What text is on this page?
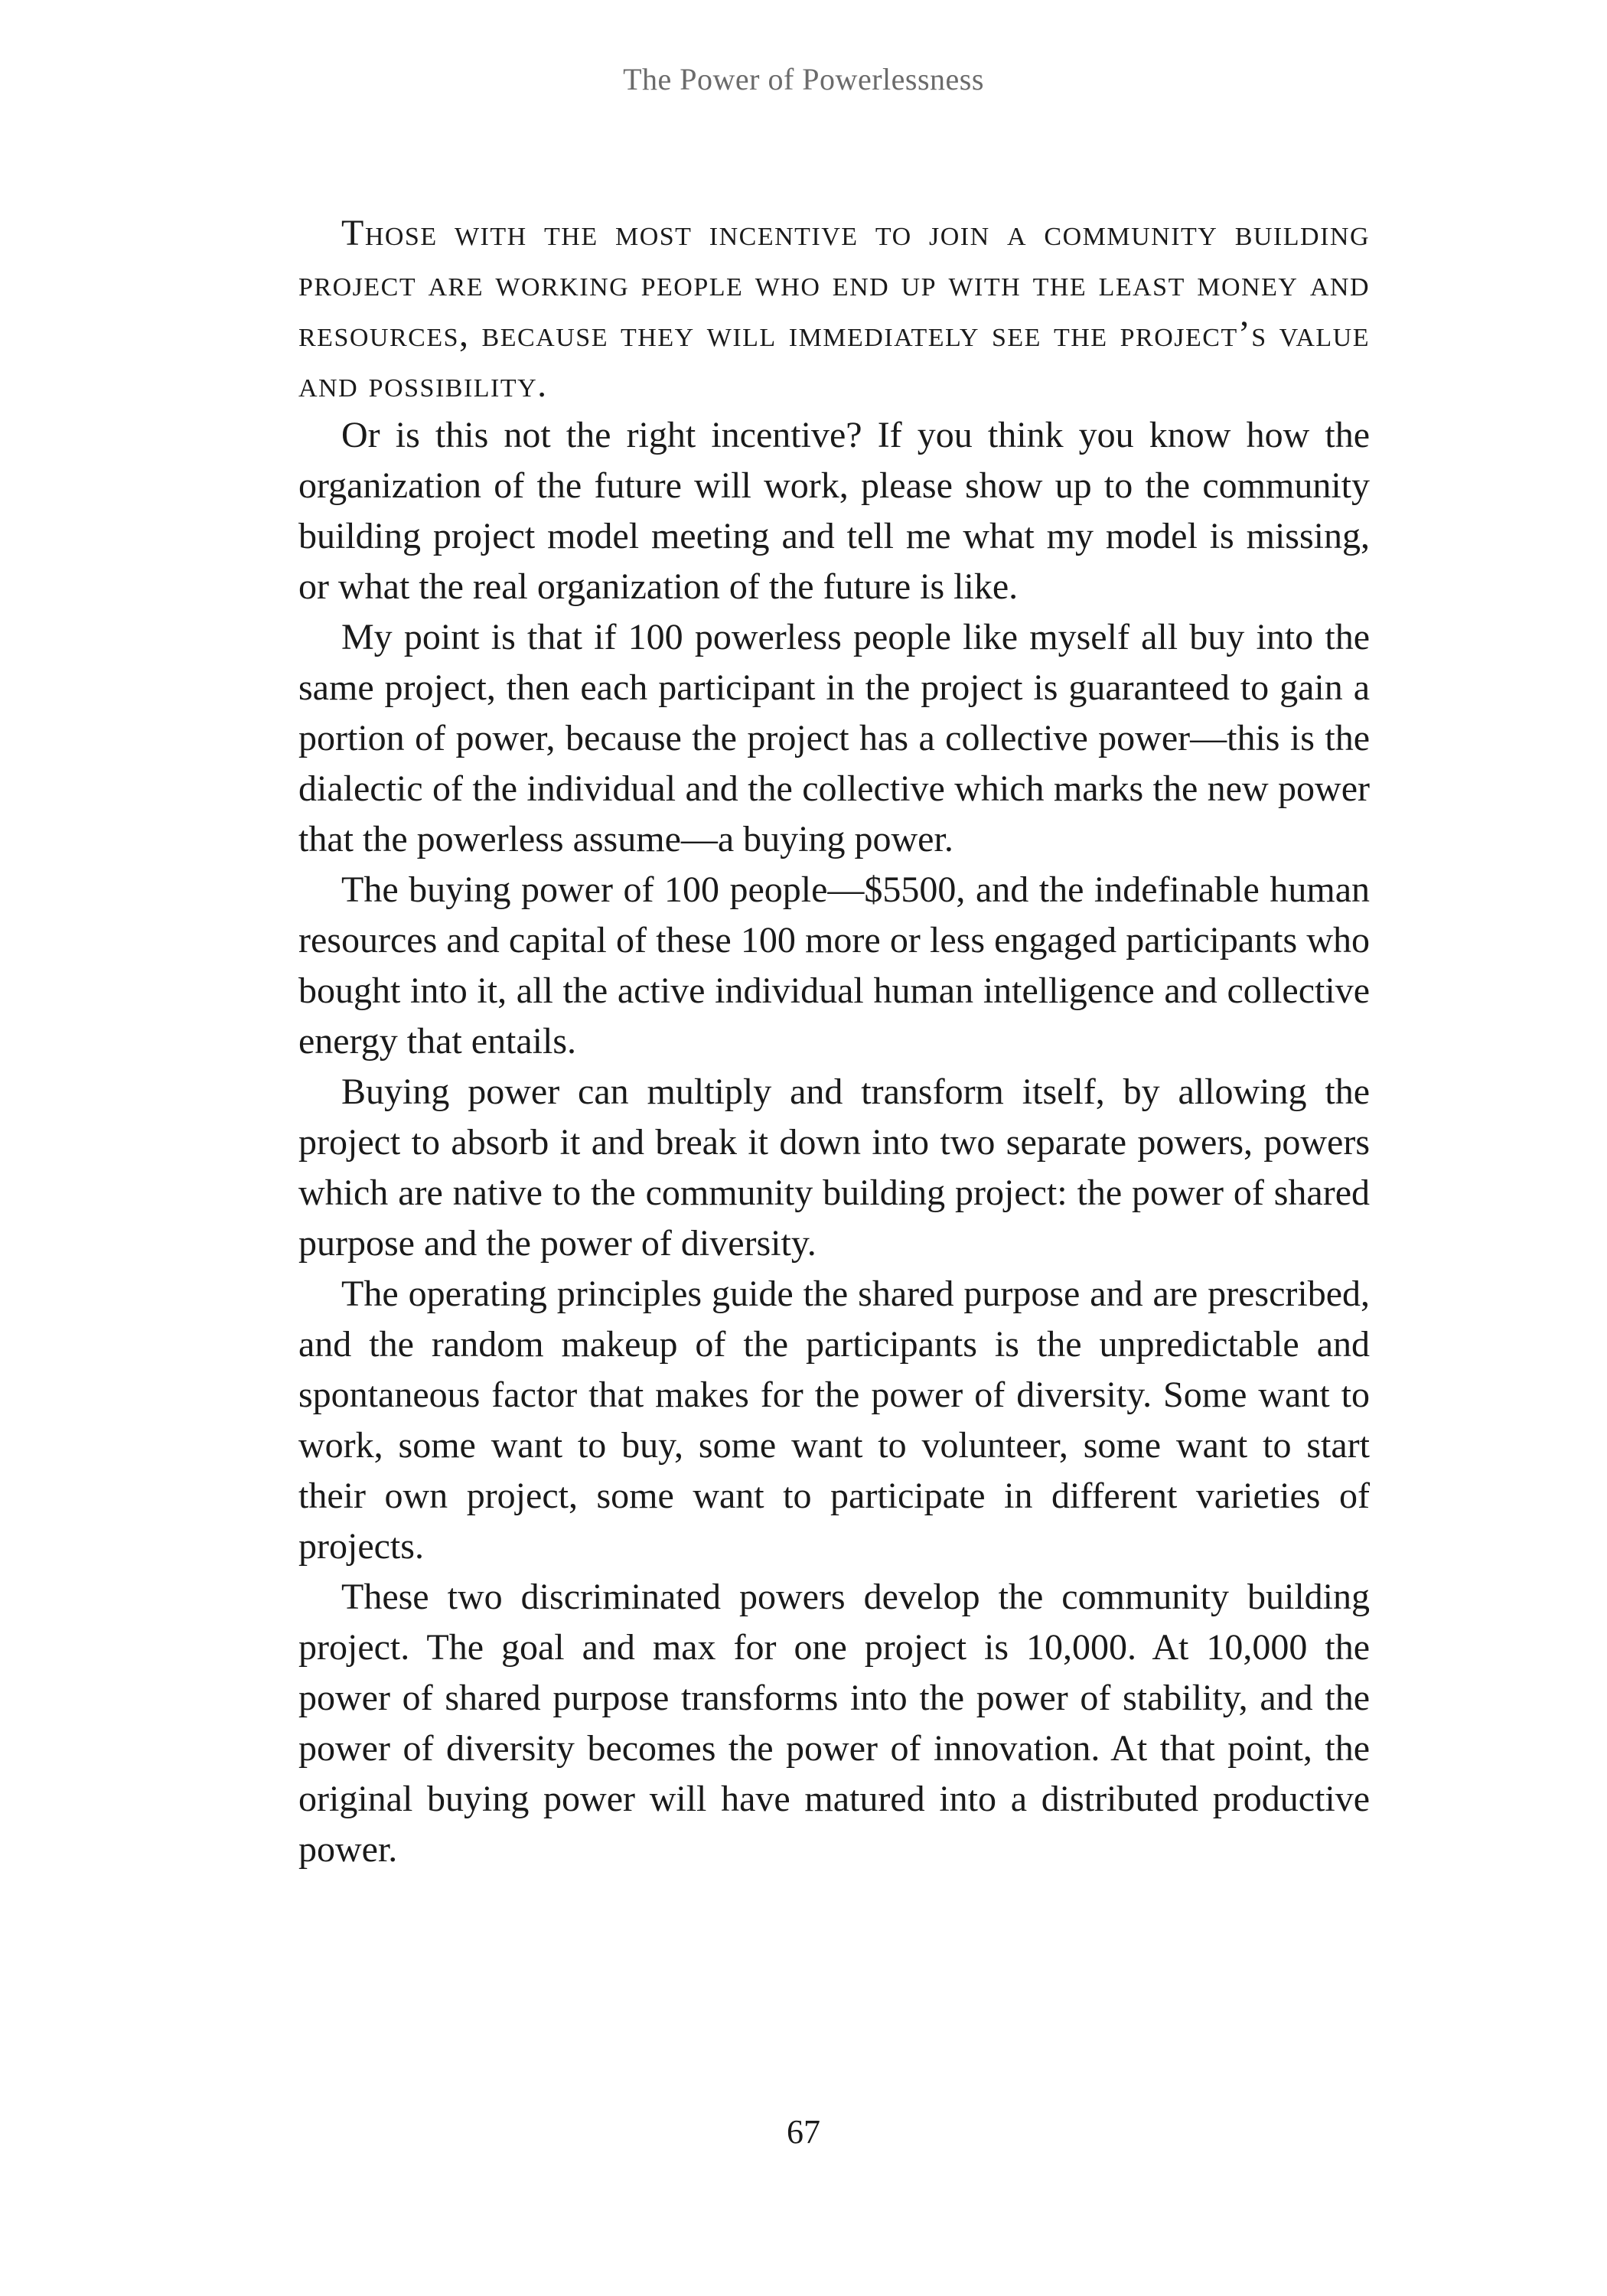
The Power of Powerlessness

Those with the most incentive to join a community building project are working people who end up with the least money and resources, because they will immediately see the project’s value and possibility.

Or is this not the right incentive? If you think you know how the organization of the future will work, please show up to the community building project model meeting and tell me what my model is missing, or what the real organization of the future is like.

My point is that if 100 powerless people like myself all buy into the same project, then each participant in the project is guaranteed to gain a portion of power, because the project has a collective power—this is the dialectic of the individual and the collective which marks the new power that the powerless assume—a buying power.

The buying power of 100 people—$5500, and the indefinable human resources and capital of these 100 more or less engaged participants who bought into it, all the active individual human intelligence and collective energy that entails.

Buying power can multiply and transform itself, by allowing the project to absorb it and break it down into two separate powers, powers which are native to the community building project: the power of shared purpose and the power of diversity.

The operating principles guide the shared purpose and are prescribed, and the random makeup of the participants is the unpredictable and spontaneous factor that makes for the power of diversity. Some want to work, some want to buy, some want to volunteer, some want to start their own project, some want to participate in different varieties of projects.

These two discriminated powers develop the community building project. The goal and max for one project is 10,000. At 10,000 the power of shared purpose transforms into the power of stability, and the power of diversity becomes the power of innovation. At that point, the original buying power will have matured into a distributed productive power.

67
